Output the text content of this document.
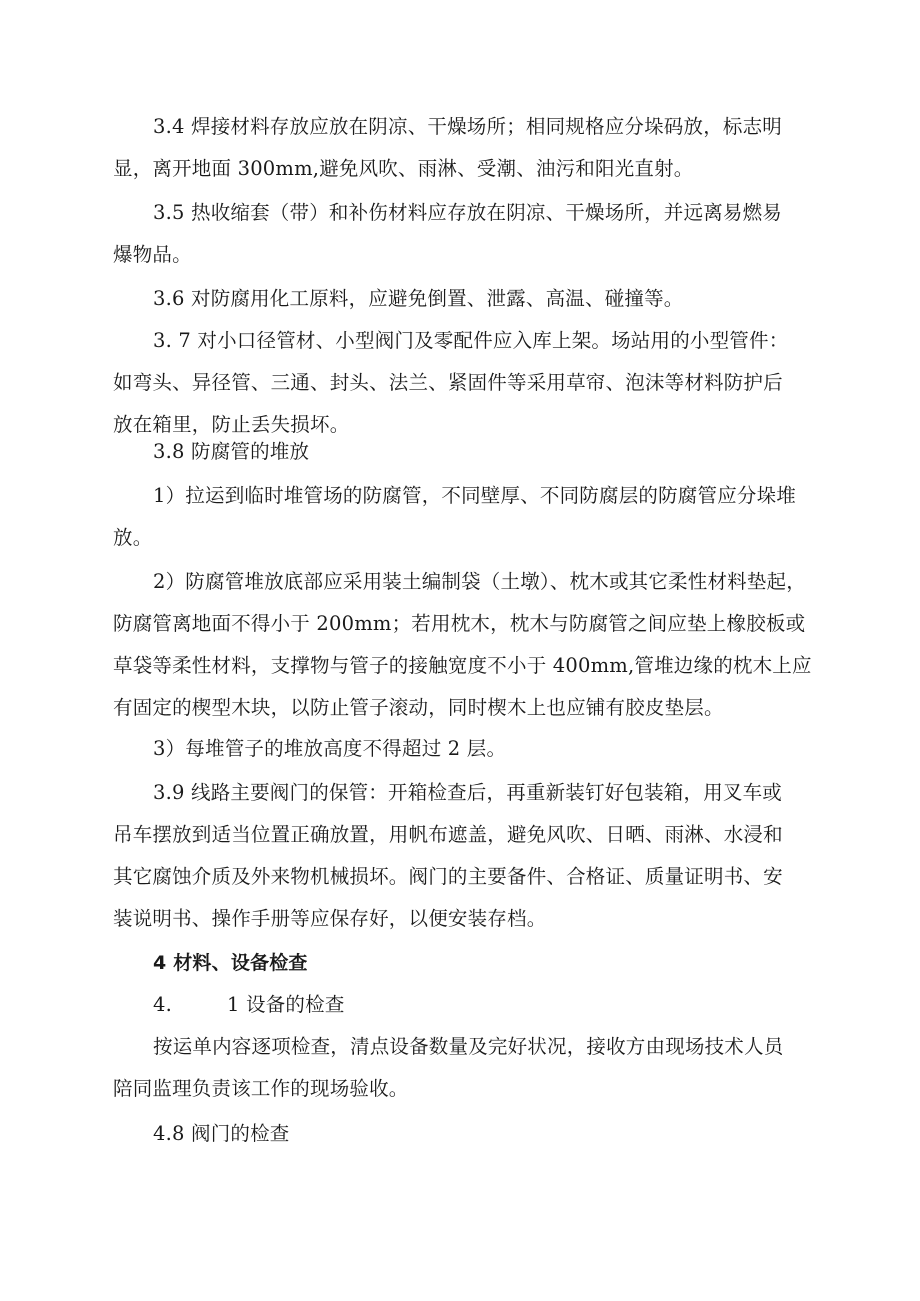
3.4 焊接材料存放应放在阴凉、干燥场所；相同规格应分垛码放，标志明
显，离开地面 300mm,避免风吹、雨淋、受潮、油污和阳光直射。

3.5 热收缩套（带）和补伤材料应存放在阴凉、干燥场所，并远离易燃易
爆物品。

3.6 对防腐用化工原料，应避免倒置、泄露、高温、碰撞等。

3. 7 对小口径管材、小型阀门及零配件应入库上架。场站用的小型管件：
如弯头、异径管、三通、封头、法兰、紧固件等采用草帘、泡沫等材料防护后
放在箱里，防止丢失损坏。

3.8 防腐管的堆放

1）拉运到临时堆管场的防腐管，不同壁厚、不同防腐层的防腐管应分垛堆
放。

2）防腐管堆放底部应采用装土编制袋（土墩）、枕木或其它柔性材料垫起，
防腐管离地面不得小于 200mm；若用枕木，枕木与防腐管之间应垫上橡胶板或
草袋等柔性材料，支撑物与管子的接触宽度不小于 400mm,管堆边缘的枕木上应
有固定的楔型木块，以防止管子滚动，同时楔木上也应铺有胶皮垫层。

3）每堆管子的堆放高度不得超过 2 层。

3.9 线路主要阀门的保管：开箱检查后，再重新装钉好包装箱，用叉车或
吊车摆放到适当位置正确放置，用帆布遮盖，避免风吹、日晒、雨淋、水浸和
其它腐蚀介质及外来物机械损坏。阀门的主要备件、合格证、质量证明书、安
装说明书、操作手册等应保存好，以便安装存档。

4 材料、设备检查

4.	1 设备的检查

按运单内容逐项检查，清点设备数量及完好状况，接收方由现场技术人员
陪同监理负责该工作的现场验收。

4.8 阀门的检查
